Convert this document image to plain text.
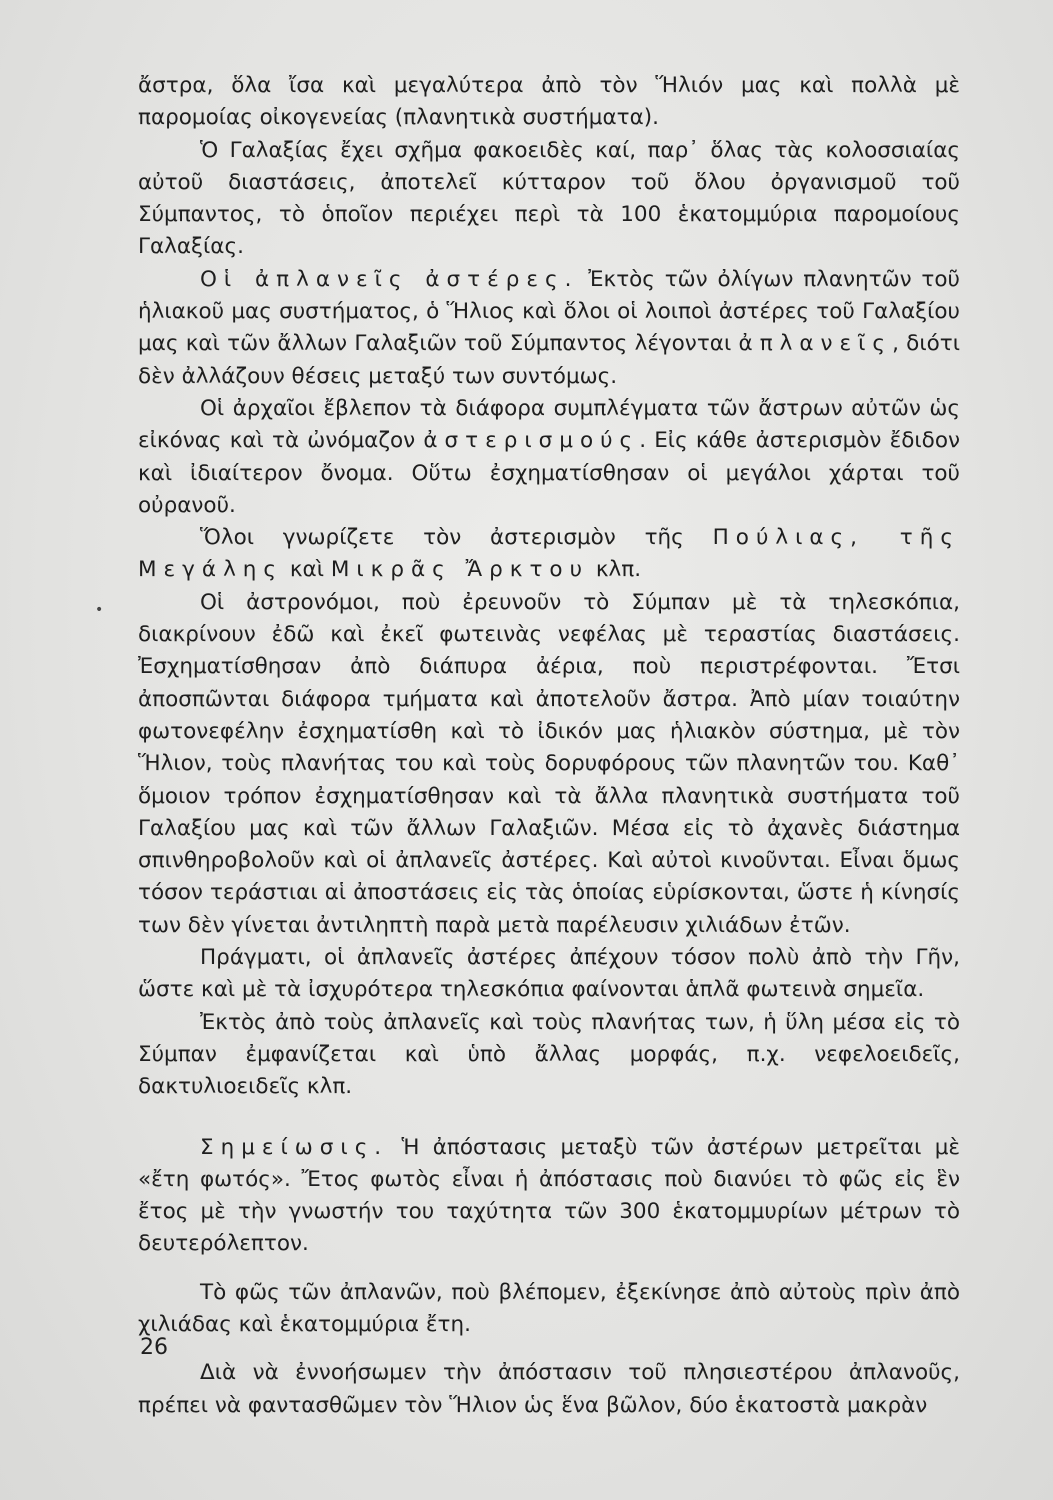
ἄστρα, ὅλα ἴσα καὶ μεγαλύτερα ἀπὸ τὸν Ἥλιόν μας καὶ πολλὰ μὲ παρομοίας οἰκογενείας (πλανητικὰ συστήματα).

Ὁ Γαλαξίας ἔχει σχῆμα φακοειδὲς καί, παρ᾽ ὅλας τὰς κολοσσιαίας αὐτοῦ διαστάσεις, ἀποτελεῖ κύτταρον τοῦ ὅλου ὀργανισμοῦ τοῦ Σύμπαντος, τὸ ὁποῖον περιέχει περὶ τὰ 100 ἑκατομμύρια παρομοίους Γαλαξίας.

Οἱ ἀπλανεῖς ἀστέρες. Ἐκτὸς τῶν ὀλίγων πλανητῶν τοῦ ἡλιακοῦ μας συστήματος, ὁ Ἥλιος καὶ ὅλοι οἱ λοιποὶ ἀστέρες τοῦ Γαλαξίου μας καὶ τῶν ἄλλων Γαλαξιῶν τοῦ Σύμπαντος λέγονται ἀπλανεῖς, διότι δὲν ἀλλάζουν θέσεις μεταξύ των συντόμως.

Οἱ ἀρχαῖοι ἔβλεπον τὰ διάφορα συμπλέγματα τῶν ἄστρων αὐτῶν ὡς εἰκόνας καὶ τὰ ὠνόμαζον ἀστερισμούς. Εἰς κάθε ἀστερισμὸν ἔδιδον καὶ ἰδιαίτερον ὄνομα. Οὕτω ἐσχηματίσθησαν οἱ μεγάλοι χάρται τοῦ οὐρανοῦ.

Ὅλοι γνωρίζετε τὸν ἀστερισμὸν τῆς Πούλιας, τῆς Μεγάλης καὶ Μικρᾶς Ἄρκτου κλπ.

Οἱ ἀστρονόμοι, ποὺ ἐρευνοῦν τὸ Σύμπαν μὲ τὰ τηλεσκόπια, διακρίνουν ἐδῶ καὶ ἐκεῖ φωτεινὰς νεφέλας μὲ τεραστίας διαστάσεις. Ἐσχηματίσθησαν ἀπὸ διάπυρα ἀέρια, ποὺ περιστρέφονται. Ἔτσι ἀποσπῶνται διάφορα τμήματα καὶ ἀποτελοῦν ἄστρα. Ἀπὸ μίαν τοιαύτην φωτονεφέλην ἐσχηματίσθη καὶ τὸ ἰδικόν μας ἡλιακὸν σύστημα, μὲ τὸν Ἥλιον, τοὺς πλανήτας του καὶ τοὺς δορυφόρους τῶν πλανητῶν του. Καθ᾽ ὅμοιον τρόπον ἐσχηματίσθησαν καὶ τὰ ἄλλα πλανητικὰ συστήματα τοῦ Γαλαξίου μας καὶ τῶν ἄλλων Γαλαξιῶν. Μέσα εἰς τὸ ἀχανὲς διάστημα σπινθηροβολοῦν καὶ οἱ ἀπλανεῖς ἀστέρες. Καὶ αὐτοὶ κινοῦνται. Εἶναι ὅμως τόσον τεράστιαι αἱ ἀποστάσεις εἰς τὰς ὁποίας εὑρίσκονται, ὥστε ἡ κίνησίς των δὲν γίνεται ἀντιληπτὴ παρὰ μετὰ παρέλευσιν χιλιάδων ἐτῶν.

Πράγματι, οἱ ἀπλανεῖς ἀστέρες ἀπέχουν τόσον πολὺ ἀπὸ τὴν Γῆν, ὥστε καὶ μὲ τὰ ἰσχυρότερα τηλεσκόπια φαίνονται ἁπλᾶ φωτεινὰ σημεῖα.

Ἐκτὸς ἀπὸ τοὺς ἀπλανεῖς καὶ τοὺς πλανήτας των, ἡ ὕλη μέσα εἰς τὸ Σύμπαν ἐμφανίζεται καὶ ὑπὸ ἄλλας μορφάς, π.χ. νεφελοειδεῖς, δακτυλιοειδεῖς κλπ.

Σημείωσις. Ἡ ἀπόστασις μεταξὺ τῶν ἀστέρων μετρεῖται μὲ «ἔτη φωτός». Ἔτος φωτὸς εἶναι ἡ ἀπόστασις ποὺ διανύει τὸ φῶς εἰς ἓν ἔτος μὲ τὴν γνωστήν του ταχύτητα τῶν 300 ἑκατομμυρίων μέτρων τὸ δευτερόλεπτον.

Τὸ φῶς τῶν ἀπλανῶν, ποὺ βλέπομεν, ἐξεκίνησε ἀπὸ αὐτοὺς πρὶν ἀπὸ χιλιάδας καὶ ἑκατομμύρια ἔτη.

Διὰ νὰ ἐννοήσωμεν τὴν ἀπόστασιν τοῦ πλησιεστέρου ἀπλανοῦς, πρέπει νὰ φαντασθῶμεν τὸν Ἥλιον ὡς ἕνα βῶλον, δύο ἑκατοστὰ μακρὰν

•
26
